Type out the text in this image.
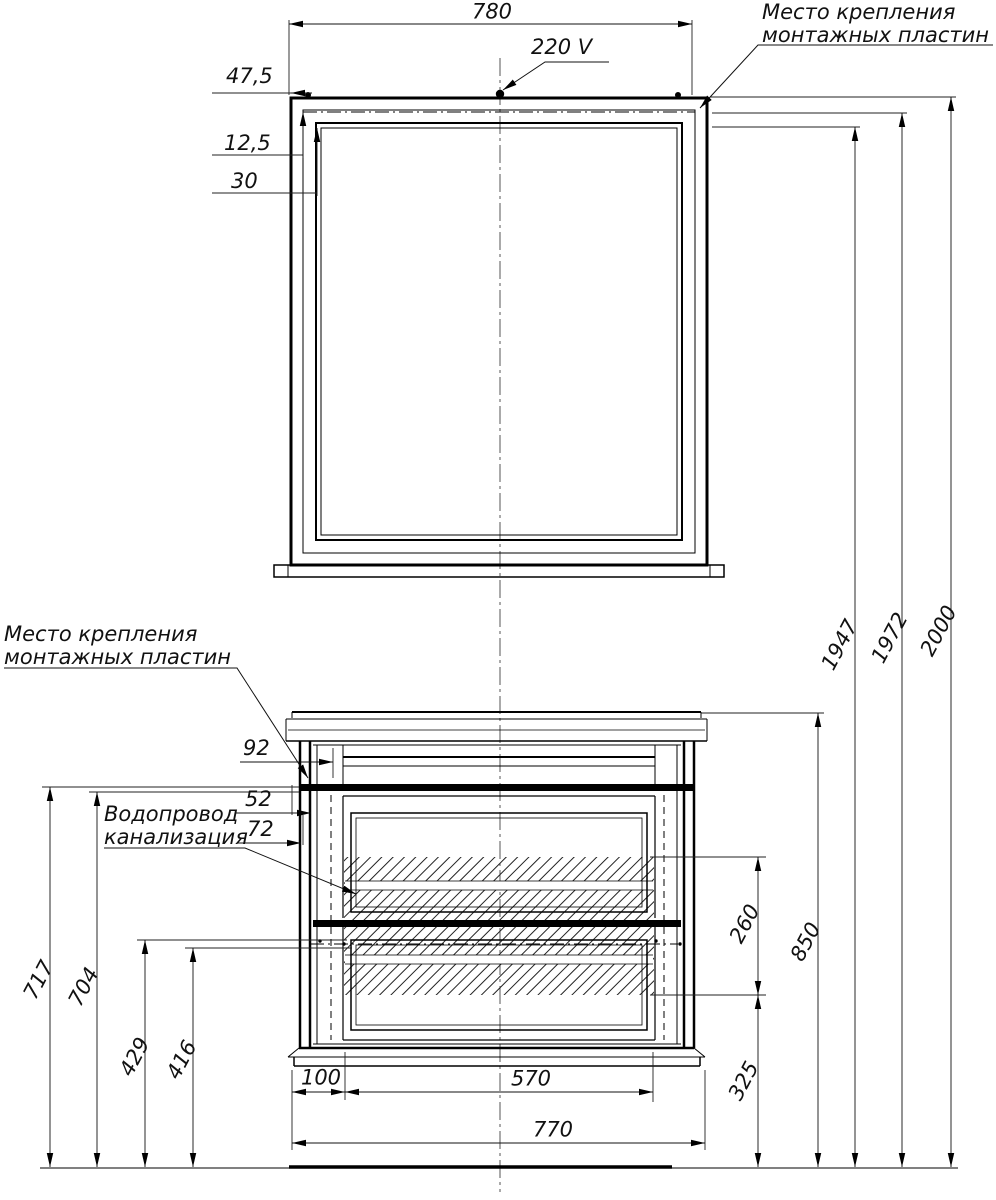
780
220 V
Место крепления
монтажных пластин
47,5
12,5
30
Место крепления
монтажных пластин
92
52
72
Водопровод
канализация
717 704
429 416	100	570
770
325
260 850
1947 1972 2000
